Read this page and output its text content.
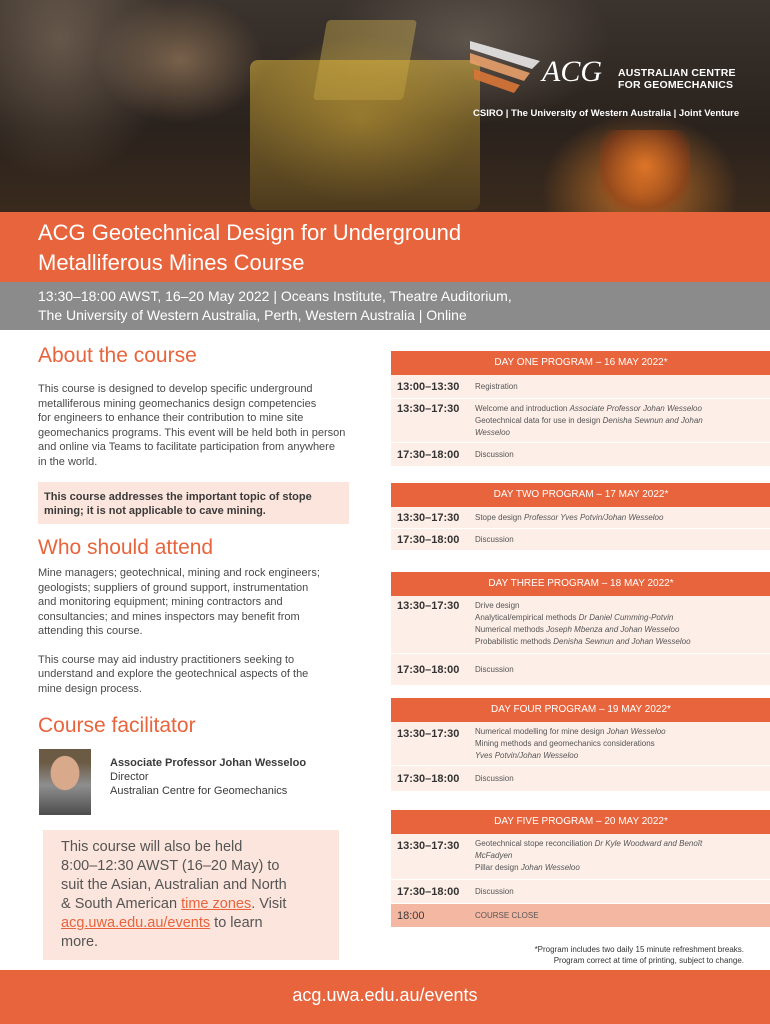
ACG AUSTRALIAN CENTRE
FOR GEOMECHANICS
CSIRO | The University of Western Australia | Joint Venture
ACG Geotechnical Design for Underground
Metalliferous Mines Course

13:30–18:00 AWST, 16–20 May 2022 | Oceans Institute, Theatre Auditorium,

The University of Western Australia, Perth, Western Australia | Online

About the course
This course is designed to develop specific underground
metalliferous mining geomechanics design competencies
for engineers to enhance their contribution to mine site
geomechanics programs. This event will be held both in person
and online via Teams to facilitate participation from anywhere
in the world.
This course addresses the important topic of stope
mining; it is not applicable to cave mining.
Who should attend
Mine managers; geotechnical, mining and rock engineers;
geologists; suppliers of ground support, instrumentation
and monitoring equipment; mining contractors and
consultancies; and mines inspectors may benefit from
attending this course.
This course may aid industry practitioners seeking to
understand and explore the geotechnical aspects of the
mine design process.
Course facilitator
Associate Professor Johan Wesseloo
Director
Australian Centre for Geomechanics
This course will also be held
8:00–12:30 AWST (16–20 May) to
suit the Asian, Australian and North
& South American time zones. Visit
acg.uwa.edu.au/events to learn
more.
DAY ONE PROGRAM – 16 MAY 2022*
13:00–13:30	Registration
13:30–17:30	Welcome and introduction Associate Professor Johan Wesseloo
Geotechnical data for use in design Denisha Sewnun and Johan
Wesseloo
17:30–18:00	Discussion
DAY TWO PROGRAM – 17 MAY 2022*
13:30–17:30	Stope design Professor Yves Potvin/Johan Wesseloo
17:30–18:00	Discussion
DAY THREE PROGRAM – 18 MAY 2022*
13:30–17:30	Drive design
Analytical/empirical methods Dr Daniel Cumming-Potvin
Numerical methods Joseph Mbenza and Johan Wesseloo
Probabilistic methods Denisha Sewnun and Johan Wesseloo
17:30–18:00	Discussion
DAY FOUR PROGRAM – 19 MAY 2022*
13:30–17:30	Numerical modelling for mine design Johan Wesseloo
Mining methods and geomechanics considerations
Yves Potvin/Johan Wesseloo
17:30–18:00	Discussion
DAY FIVE PROGRAM – 20 MAY 2022*
13:30–17:30	Geotechnical stope reconciliation Dr Kyle Woodward and Benoît
McFadyen
Pillar design Johan Wesseloo
17:30–18:00	Discussion
18:00	COURSE CLOSE
*Program includes two daily 15 minute refreshment breaks.
Program correct at time of printing, subject to change.
acg.uwa.edu.au/events
